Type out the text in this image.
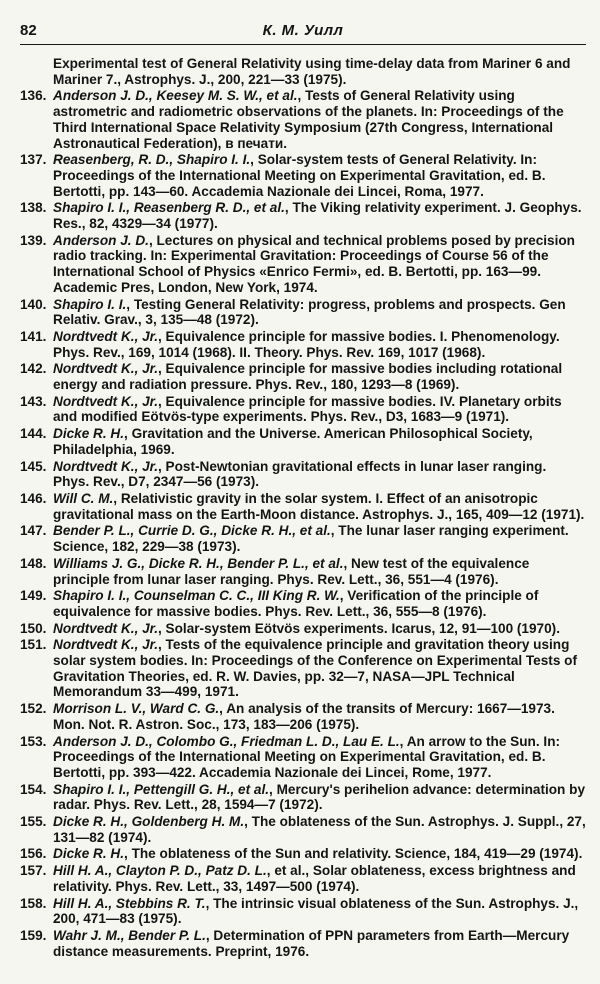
82	К. М. Уилл
Experimental test of General Relativity using time-delay data from Mariner 6 and Mariner 7., Astrophys. J., 200, 221—33 (1975).
136. Anderson J. D., Keesey M. S. W., et al., Tests of General Relativity using astrometric and radiometric observations of the planets. In: Proceedings of the Third International Space Relativity Symposium (27th Congress, International Astronautical Federation), в печати.
137. Reasenberg, R. D., Shapiro I. I., Solar-system tests of General Relativity. In: Proceedings of the International Meeting on Experimental Gravitation, ed. B. Bertotti, pp. 143—60. Accademia Nazionale dei Lincei, Roma, 1977.
138. Shapiro I. I., Reasenberg R. D., et al., The Viking relativity experiment. J. Geophys. Res., 82, 4329—34 (1977).
139. Anderson J. D., Lectures on physical and technical problems posed by precision radio tracking. In: Experimental Gravitation: Proceedings of Course 56 of the International School of Physics «Enrico Fermi», ed. B. Bertotti, pp. 163—99. Academic Pres, London, New York, 1974.
140. Shapiro I. I., Testing General Relativity: progress, problems and prospects. Gen Relativ. Grav., 3, 135—48 (1972).
141. Nordtvedt K., Jr., Equivalence principle for massive bodies. I. Phenomenology. Phys. Rev., 169, 1014 (1968). II. Theory. Phys. Rev. 169, 1017 (1968).
142. Nordtvedt K., Jr., Equivalence principle for massive bodies including rotational energy and radiation pressure. Phys. Rev., 180, 1293—8 (1969).
143. Nordtvedt K., Jr., Equivalence principle for massive bodies. IV. Planetary orbits and modified Eötvös-type experiments. Phys. Rev., D3, 1683—9 (1971).
144. Dicke R. H., Gravitation and the Universe. American Philosophical Society, Philadelphia, 1969.
145. Nordtvedt K., Jr., Post-Newtonian gravitational effects in lunar laser ranging. Phys. Rev., D7, 2347—56 (1973).
146. Will C. M., Relativistic gravity in the solar system. I. Effect of an anisotropic gravitational mass on the Earth-Moon distance. Astrophys. J., 165, 409—12 (1971).
147. Bender P. L., Currie D. G., Dicke R. H., et al., The lunar laser ranging experiment. Science, 182, 229—38 (1973).
148. Williams J. G., Dicke R. H., Bender P. L., et al., New test of the equivalence principle from lunar laser ranging. Phys. Rev. Lett., 36, 551—4 (1976).
149. Shapiro I. I., Counselman C. C., III King R. W., Verification of the principle of equivalence for massive bodies. Phys. Rev. Lett., 36, 555—8 (1976).
150. Nordtvedt K., Jr., Solar-system Eötvös experiments. Icarus, 12, 91—100 (1970).
151. Nordtvedt K., Jr., Tests of the equivalence principle and gravitation theory using solar system bodies. In: Proceedings of the Conference on Experimental Tests of Gravitation Theories, ed. R. W. Davies, pp. 32—7, NASA—JPL Technical Memorandum 33—499, 1971.
152. Morrison L. V., Ward C. G., An analysis of the transits of Mercury: 1667—1973. Mon. Not. R. Astron. Soc., 173, 183—206 (1975).
153. Anderson J. D., Colombo G., Friedman L. D., Lau E. L., An arrow to the Sun. In: Proceedings of the International Meeting on Experimental Gravitation, ed. B. Bertotti, pp. 393—422. Accademia Nazionale dei Lincei, Rome, 1977.
154. Shapiro I. I., Pettengill G. H., et al., Mercury's perihelion advance: determination by radar. Phys. Rev. Lett., 28, 1594—7 (1972).
155. Dicke R. H., Goldenberg H. M., The oblateness of the Sun. Astrophys. J. Suppl., 27, 131—82 (1974).
156. Dicke R. H., The oblateness of the Sun and relativity. Science, 184, 419—29 (1974).
157. Hill H. A., Clayton P. D., Patz D. L., et al., Solar oblateness, excess brightness and relativity. Phys. Rev. Lett., 33, 1497—500 (1974).
158. Hill H. A., Stebbins R. T., The intrinsic visual oblateness of the Sun. Astrophys. J., 200, 471—83 (1975).
159. Wahr J. M., Bender P. L., Determination of PPN parameters from Earth—Mercury distance measurements. Preprint, 1976.
